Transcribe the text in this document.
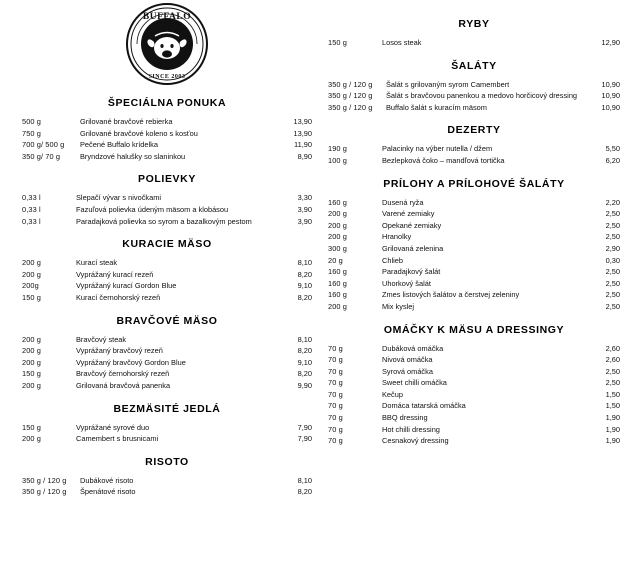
BUFFALO
SINCE 2003
ŠPECIÁLNA PONUKA
500 g	Grilované bravčové rebierka	13,90
750 g	Grilované bravčové koleno s kosťou	13,90
700 g/ 500 g	Pečené Buffalo krídelka	11,90
350 g/ 70 g	Bryndzové halušky so slaninkou	8,90
POLIEVKY
0,33 l	Slepačí vývar s nivočkami	3,30
0,33 l	Fazuľová polievka údeným mäsom a klobásou	3,90
0,33 l	Paradajková polievka so syrom a bazalkovým pestom	3,90
KURACIE MÄSO
200 g	Kurací steak	8,10
200 g	Vyprážaný kurací rezeň	8,20
200g	Vyprážaný kurací Gordon Blue	9,10
150 g	Kurací černohorský rezeň	8,20
BRAVČOVÉ MÄSO
200 g	Bravčový steak	8,10
200 g	Vyprážaný bravčový rezeň	8,20
200 g	Vyprážaný bravčový Gordon Blue	9,10
150 g	Bravčový černohorský rezeň	8,20
200 g	Grilovaná bravčová panenka	9,90
BEZMÄSITÉ JEDLÁ
150 g	Vyprážané syrové duo	7,90
200 g	Camembert s brusnicami	7,90
RISOTO
350 g / 120 g	Dubákové risoto	8,10
350 g / 120 g	Špenátové risoto	8,20
RYBY
150 g	Losos steak	12,90
ŠALÁTY
350 g / 120 g	Šalát s grilovaným syrom Camembert	10,90
350 g / 120 g	Šalát s bravčovou panenkou a medovo horčicový dressing	10,90
350 g / 120 g	Buffalo šalát s kuracím mäsom	10,90
DEZERTY
190 g	Palacinky na výber nutella / džem	5,50
100 g	Bezlepková čoko – mandľová tortička	6,20
PRÍLOHY A PRÍLOHOVÉ ŠALÁTY
160 g	Dusená ryža	2,20
200 g	Varené zemiaky	2,50
200 g	Opekané zemiaky	2,50
200 g	Hranolky	2,50
300 g	Grilovaná zelenina	2,90
20 g	Chlieb	0,30
160 g	Paradajkový šalát	2,50
160 g	Uhorkový šalát	2,50
160 g	Zmes listových šalátov a čerstvej zeleniny	2,50
200 g	Mix kyslej	2,50
OMÁČKY K MÄSU A DRESSINGY
70 g	Dubáková omáčka	2,60
70 g	Nivová omáčka	2,60
70 g	Syrová omáčka	2,50
70 g	Sweet chilli omáčka	2,50
70 g	Kečup	1,50
70 g	Domáca tatarská omáčka	1,50
70 g	BBQ dressing	1,90
70 g	Hot chilli dressing	1,90
70 g	Cesnakový dressing	1,90
